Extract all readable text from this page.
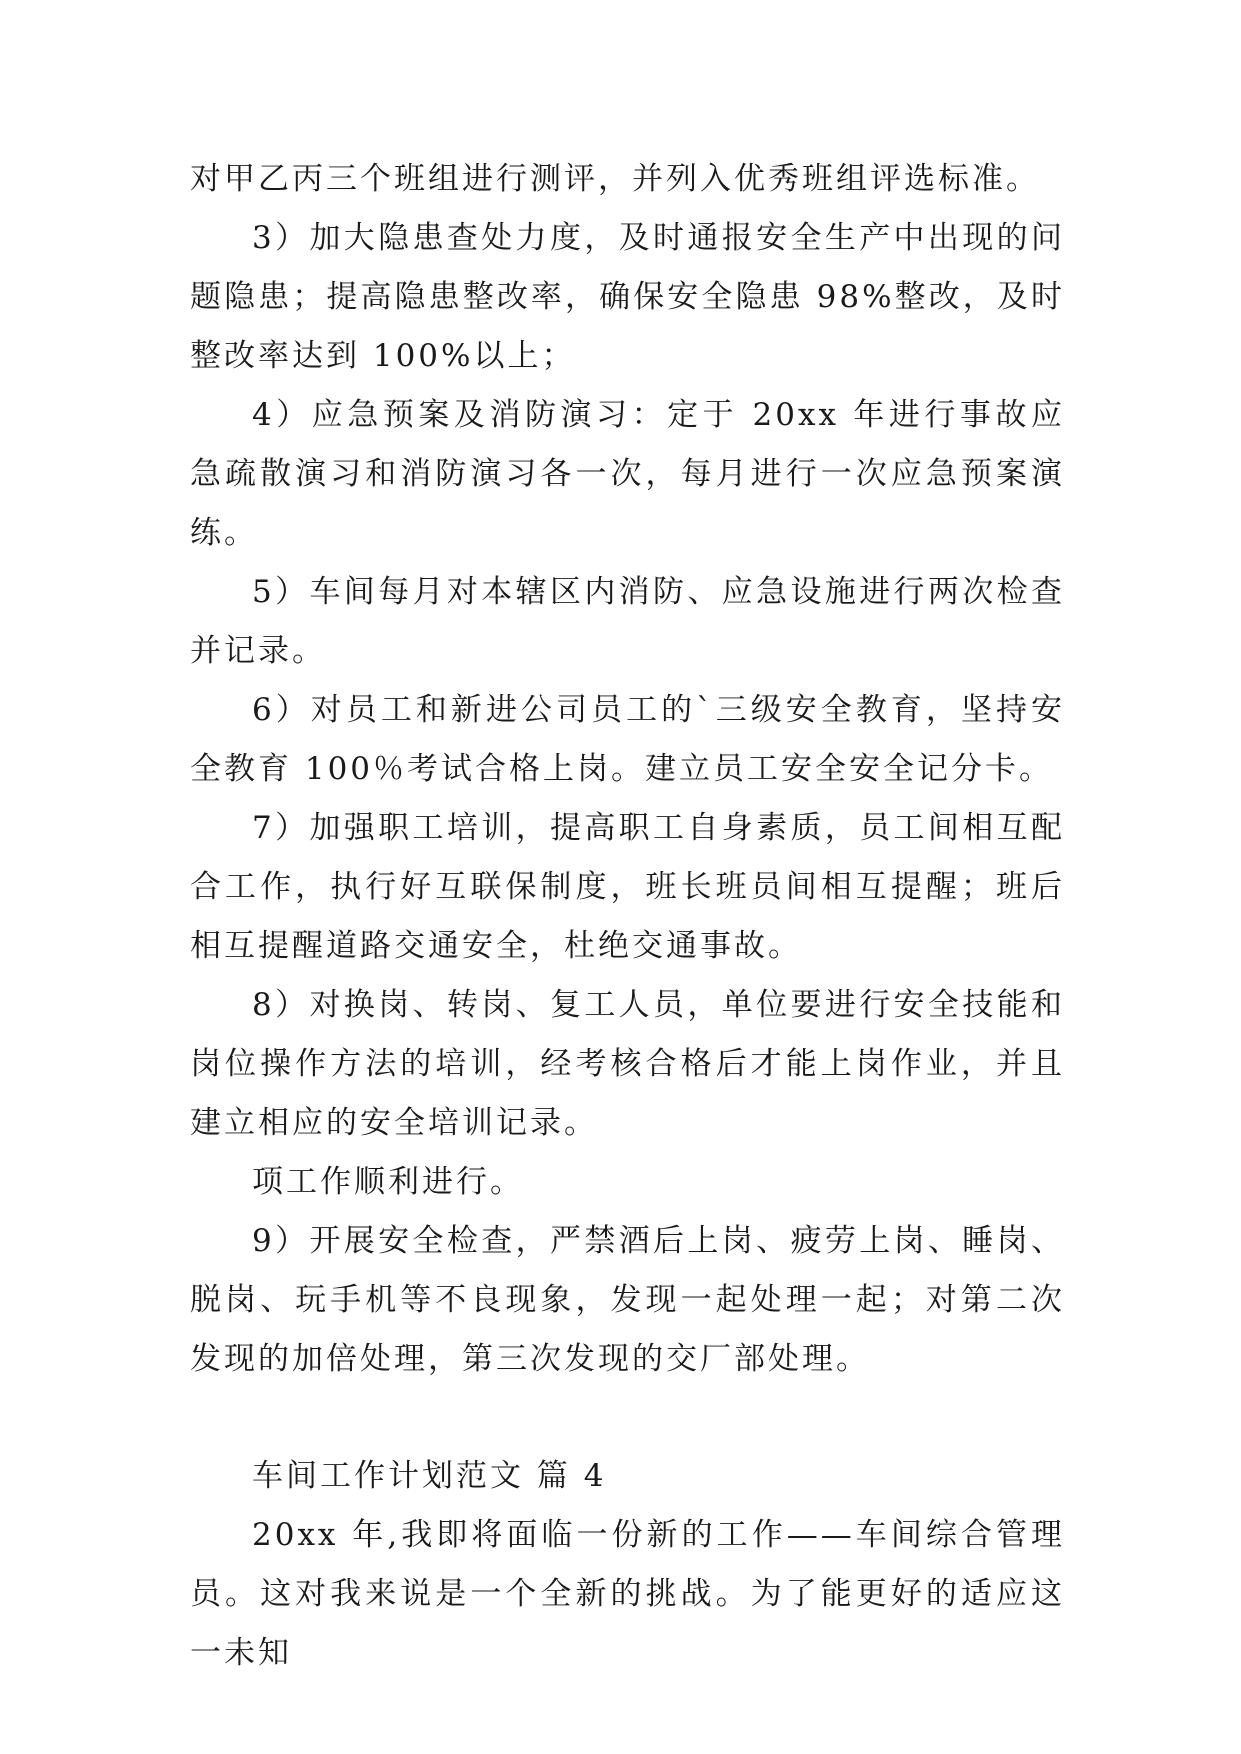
对甲乙丙三个班组进行测评，并列入优秀班组评选标准。

3）加大隐患查处力度，及时通报安全生产中出现的问题隐患；提高隐患整改率，确保安全隐患 98%整改，及时整改率达到 100%以上；

4）应急预案及消防演习：定于 20xx 年进行事故应急疏散演习和消防演习各一次，每月进行一次应急预案演练。

5）车间每月对本辖区内消防、应急设施进行两次检查并记录。

6）对员工和新进公司员工的`三级安全教育，坚持安全教育 100％考试合格上岗。建立员工安全安全记分卡。

7）加强职工培训，提高职工自身素质，员工间相互配合工作，执行好互联保制度，班长班员间相互提醒；班后相互提醒道路交通安全，杜绝交通事故。

8）对换岗、转岗、复工人员，单位要进行安全技能和岗位操作方法的培训，经考核合格后才能上岗作业，并且建立相应的安全培训记录。

项工作顺利进行。

9）开展安全检查，严禁酒后上岗、疲劳上岗、睡岗、脱岗、玩手机等不良现象，发现一起处理一起；对第二次发现的加倍处理，第三次发现的交厂部处理。

车间工作计划范文 篇 4

20xx 年,我即将面临一份新的工作——车间综合管理员。这对我来说是一个全新的挑战。为了能更好的适应这一未知
